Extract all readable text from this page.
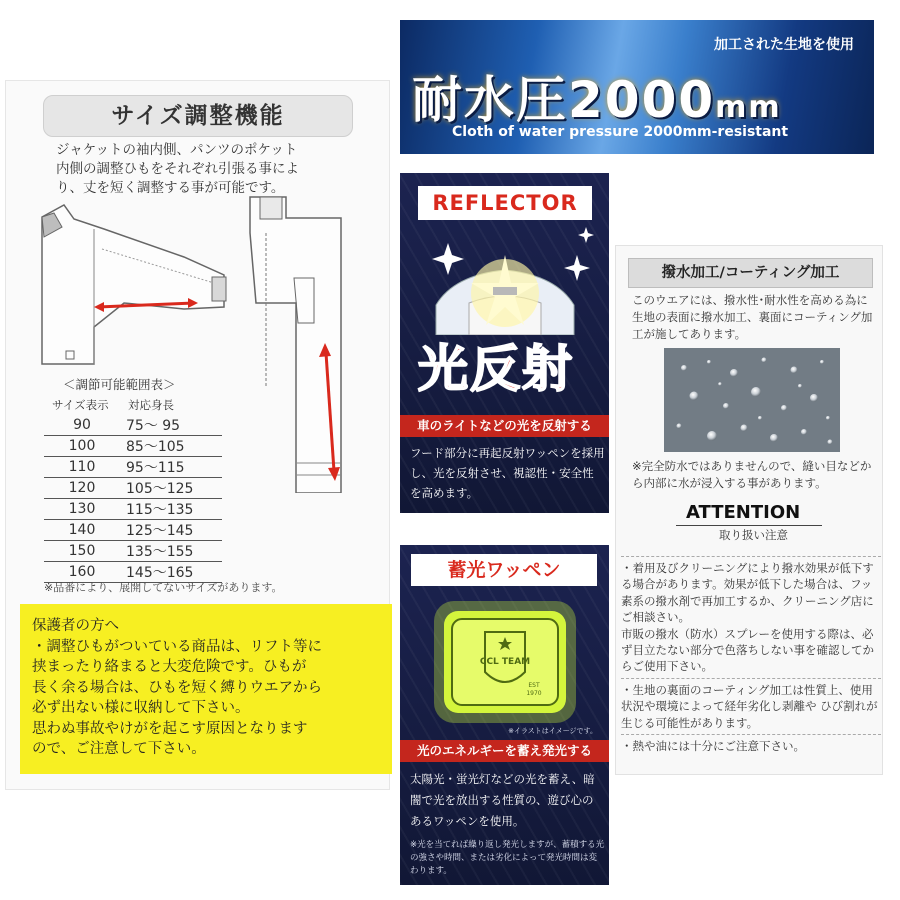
サイズ調整機能
ジャケットの袖内側、パンツのポケット
内側の調整ひもをそれぞれ引張る事によ
り、丈を短く調整する事が可能です。
＜調節可能範囲表＞
サイズ表示	対応身長
90	75～ 95
100	85～105
110	95～115
120	105～125
130	115～135
140	125～145
150	135～155
160	145～165
※品番により、展開してないサイズがあります。
保護者の方へ
・調整ひもがついている商品は、リフト等に
挟まったり絡まると大変危険です。ひもが
長く余る場合は、ひもを短く縛りウエアから
必ず出ない様に収納して下さい。
思わぬ事故やけがを起こす原因となります
ので、ご注意して下さい。
加工された生地を使用
耐水圧2000mm
Cloth of water pressure 2000mm-resistant
REFLECTOR
光反射
車のライトなどの光を反射する
フード部分に再起反射ワッペンを採用し、光を反射させ、視認性・安全性を高めます。
蓄光ワッペン
CCL TEAM
EST
1970
※イラストはイメージです。
光のエネルギーを蓄え発光する
太陽光・蛍光灯などの光を蓄え、暗闇で光を放出する性質の、遊び心のあるワッペンを使用。
※光を当てれば繰り返し発光しますが、蓄積する光の強さや時間、または劣化によって発光時間は変わります。
撥水加工/コーティング加工
このウエアには、撥水性･耐水性を高める為に生地の表面に撥水加工、裏面にコーティング加工が施してあります。
※完全防水ではありませんので、縫い目などから内部に水が浸入する事があります。
ATTENTION
取り扱い注意
・着用及びクリーニングにより撥水効果が低下する場合があります。効果が低下した場合は、フッ素系の撥水剤で再加工するか、クリーニング店にご相談さい。
市販の撥水（防水）スプレーを使用する際は、必ず目立たない部分で色落ちしない事を確認してからご使用下さい。
・生地の裏面のコーティング加工は性質上、使用状況や環境によって経年劣化し剥離や ひび割れが生じる可能性があります。
・熱や油には十分にご注意下さい。
